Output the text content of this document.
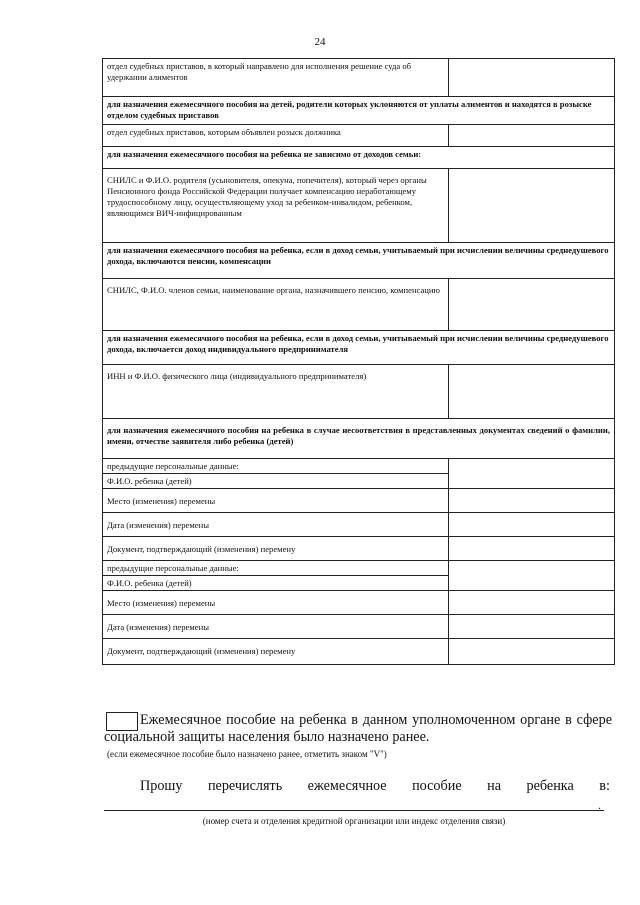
24
отдел судебных приставов, в который направлено для исполнения решение суда об удержании алиментов	
для назначения ежемесячного пособия на детей, родители которых уклоняются от уплаты алиментов и находятся в розыске отделом судебных приставов	
отдел судебных приставов, которым объявлен розыск должника	
для назначения ежемесячного пособия на ребенка не зависимо от доходов семьи:	
СНИЛС и Ф.И.О. родителя (усыновителя, опекуна, попечителя), который через органы Пенсионного фонда Российской Федерации получает компенсацию неработающему трудоспособному лицу, осуществляющему уход за ребенком-инвалидом, ребенком, являющимся ВИЧ-инфицированным	
для назначения ежемесячного пособия на ребенка, если в доход семьи, учитываемый при исчислении величины среднедушевого дохода, включаются пенсии, компенсации	
СНИЛС, Ф.И.О. членов семьи, наименование органа, назначившего пенсию, компенсацию	
для назначения ежемесячного пособия на ребенка, если в доход семьи, учитываемый при исчислении величины среднедушевого дохода, включается доход индивидуального предпринимателя	
ИНН и Ф.И.О. физического лица (индивидуального предпринимателя)	
для назначения ежемесячного пособия на ребенка в случае несоответствия в представленных документах сведений о фамилии, имени, отчестве заявителя либо ребенка (детей)	

предыдущие персональные данные:
Ф.И.О. ребенка (детей)	
Место (изменения) перемены	
Дата (изменения) перемены	
Документ, подтверждающий (изменения) перемену	

предыдущие персональные данные:
Ф.И.О. ребенка (детей)	
Место (изменения) перемены	
Дата (изменения) перемены	
Документ, подтверждающий (изменения) перемену	
Ежемесячное пособие на ребенка в данном уполномоченном органе в сфере социальной защиты населения было назначено ранее.
(если ежемесячное пособие было назначено ранее, отметить знаком "V")
Прошу перечислять ежемесячное пособие на ребенка в:
.
(номер счета и отделения кредитной организации или индекс отделения связи)
